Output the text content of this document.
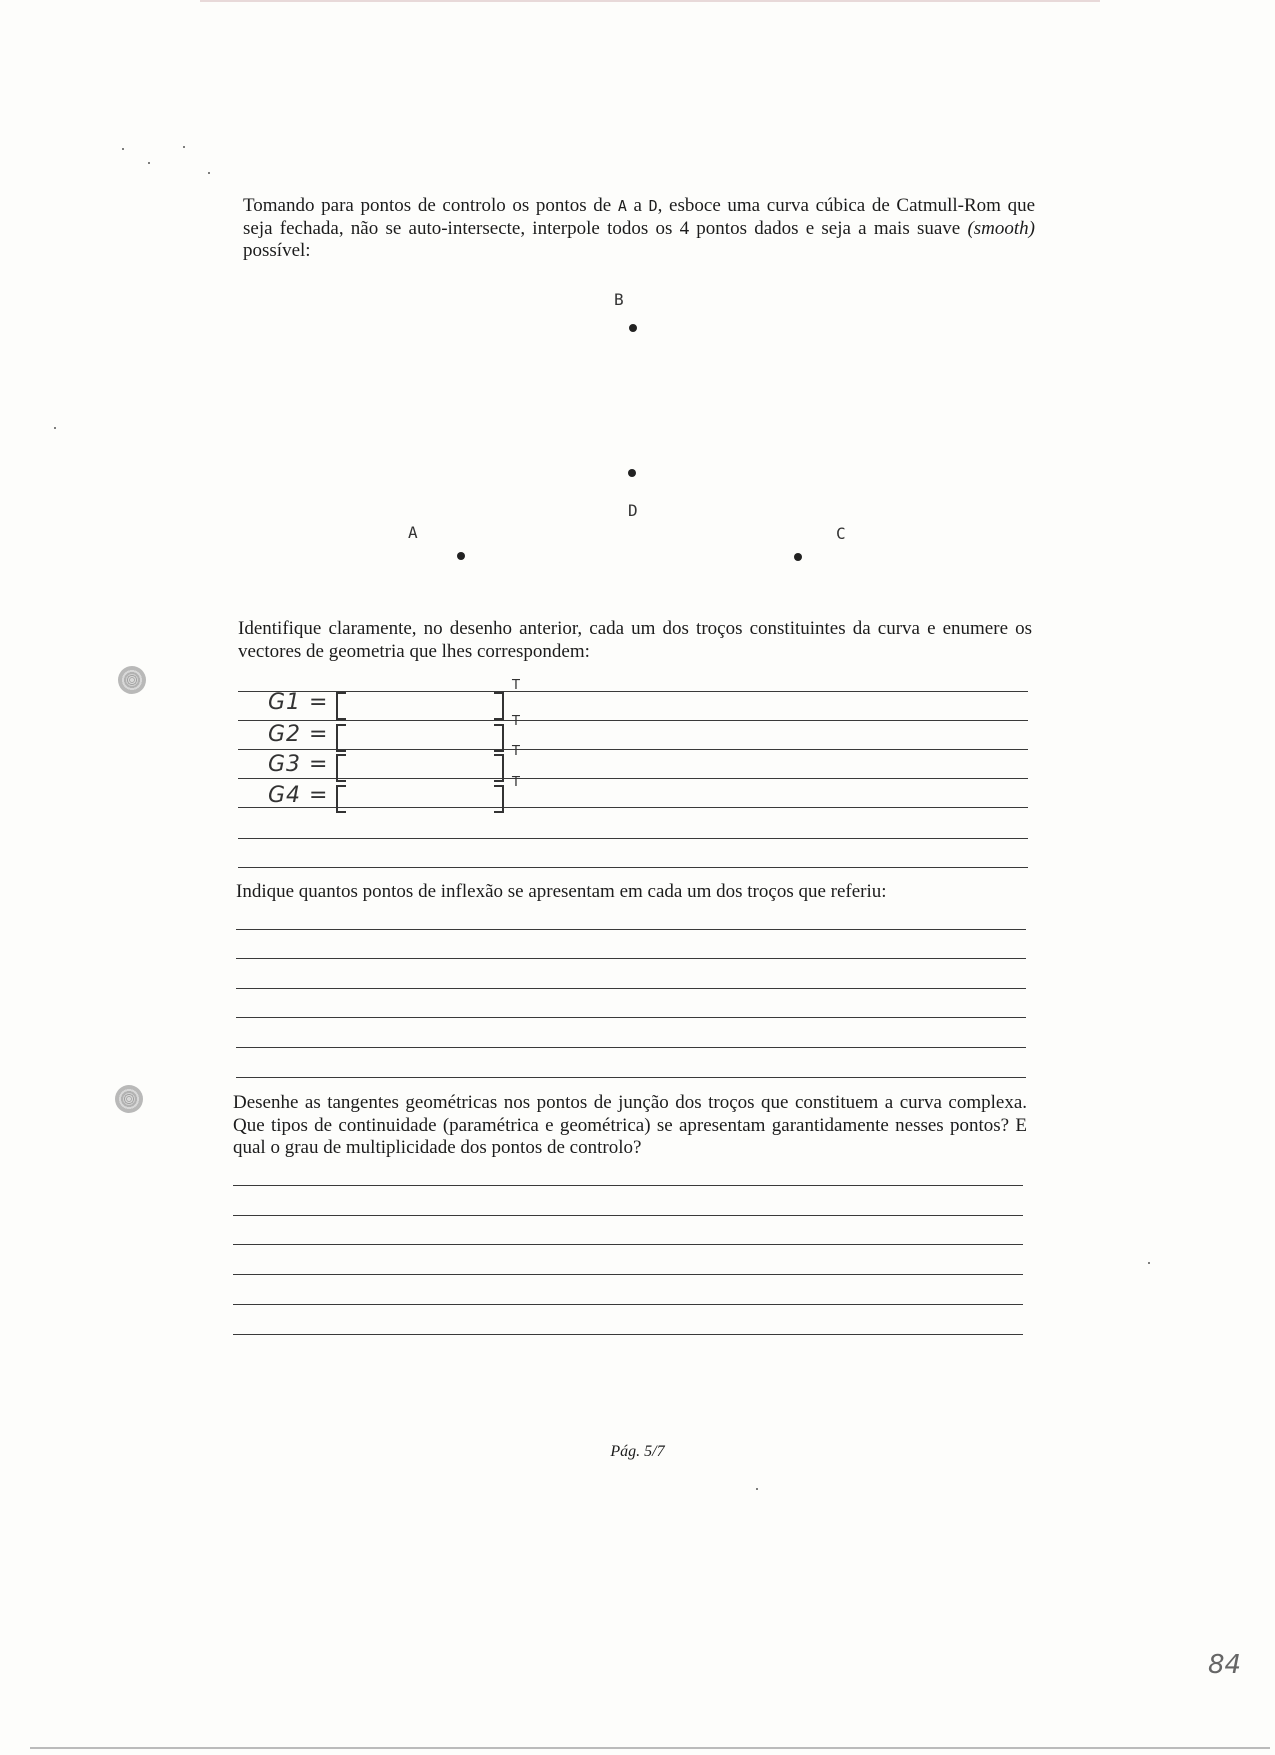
Tomando para pontos de controlo os pontos de A a D, esboce uma curva cúbica de Catmull-Rom que seja fechada, não se auto-intersecte, interpole todos os 4 pontos dados e seja a mais suave (smooth) possível:

B
D
A	C

Identifique claramente, no desenho anterior, cada um dos troços constituintes da curva e enumere os vectores de geometria que lhes correspondem:

G1 =
T
G2 =
T
G3 =
T
G4 =
T

Indique quantos pontos de inflexão se apresentam em cada um dos troços que referiu:

Desenhe as tangentes geométricas nos pontos de junção dos troços que constituem a curva complexa. Que tipos de continuidade (paramétrica e geométrica) se apresentam garantidamente nesses pontos? E qual o grau de multiplicidade dos pontos de controlo?

Pág. 5/7
84
